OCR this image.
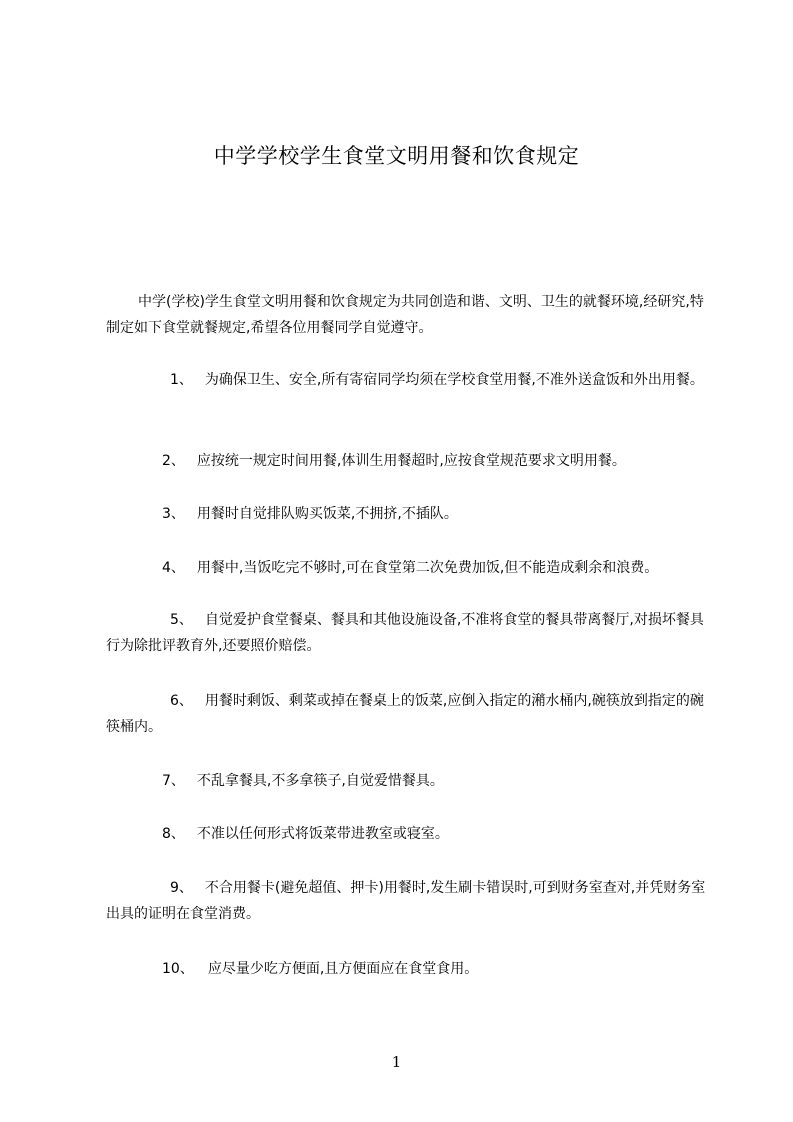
中学学校学生食堂文明用餐和饮食规定

中学(学校)学生食堂文明用餐和饮食规定为共同创造和谐、文明、卫生的就餐环境,经研究,特制定如下食堂就餐规定,希望各位用餐同学自觉遵守。

1、 为确保卫生、安全,所有寄宿同学均须在学校食堂用餐,不准外送盒饭和外出用餐。

2、 应按统一规定时间用餐,体训生用餐超时,应按食堂规范要求文明用餐。

3、 用餐时自觉排队购买饭菜,不拥挤,不插队。

4、 用餐中,当饭吃完不够时,可在食堂第二次免费加饭,但不能造成剩余和浪费。

5、 自觉爱护食堂餐桌、餐具和其他设施设备,不准将食堂的餐具带离餐厅,对损坏餐具行为除批评教育外,还要照价赔偿。

6、 用餐时剩饭、剩菜或掉在餐桌上的饭菜,应倒入指定的潲水桶内,碗筷放到指定的碗筷桶内。

7、 不乱拿餐具,不多拿筷子,自觉爱惜餐具。

8、 不准以任何形式将饭菜带进教室或寝室。

9、 不合用餐卡(避免超值、押卡)用餐时,发生刷卡错误时,可到财务室查对,并凭财务室出具的证明在食堂消费。

10、 应尽量少吃方便面,且方便面应在食堂食用。

1
